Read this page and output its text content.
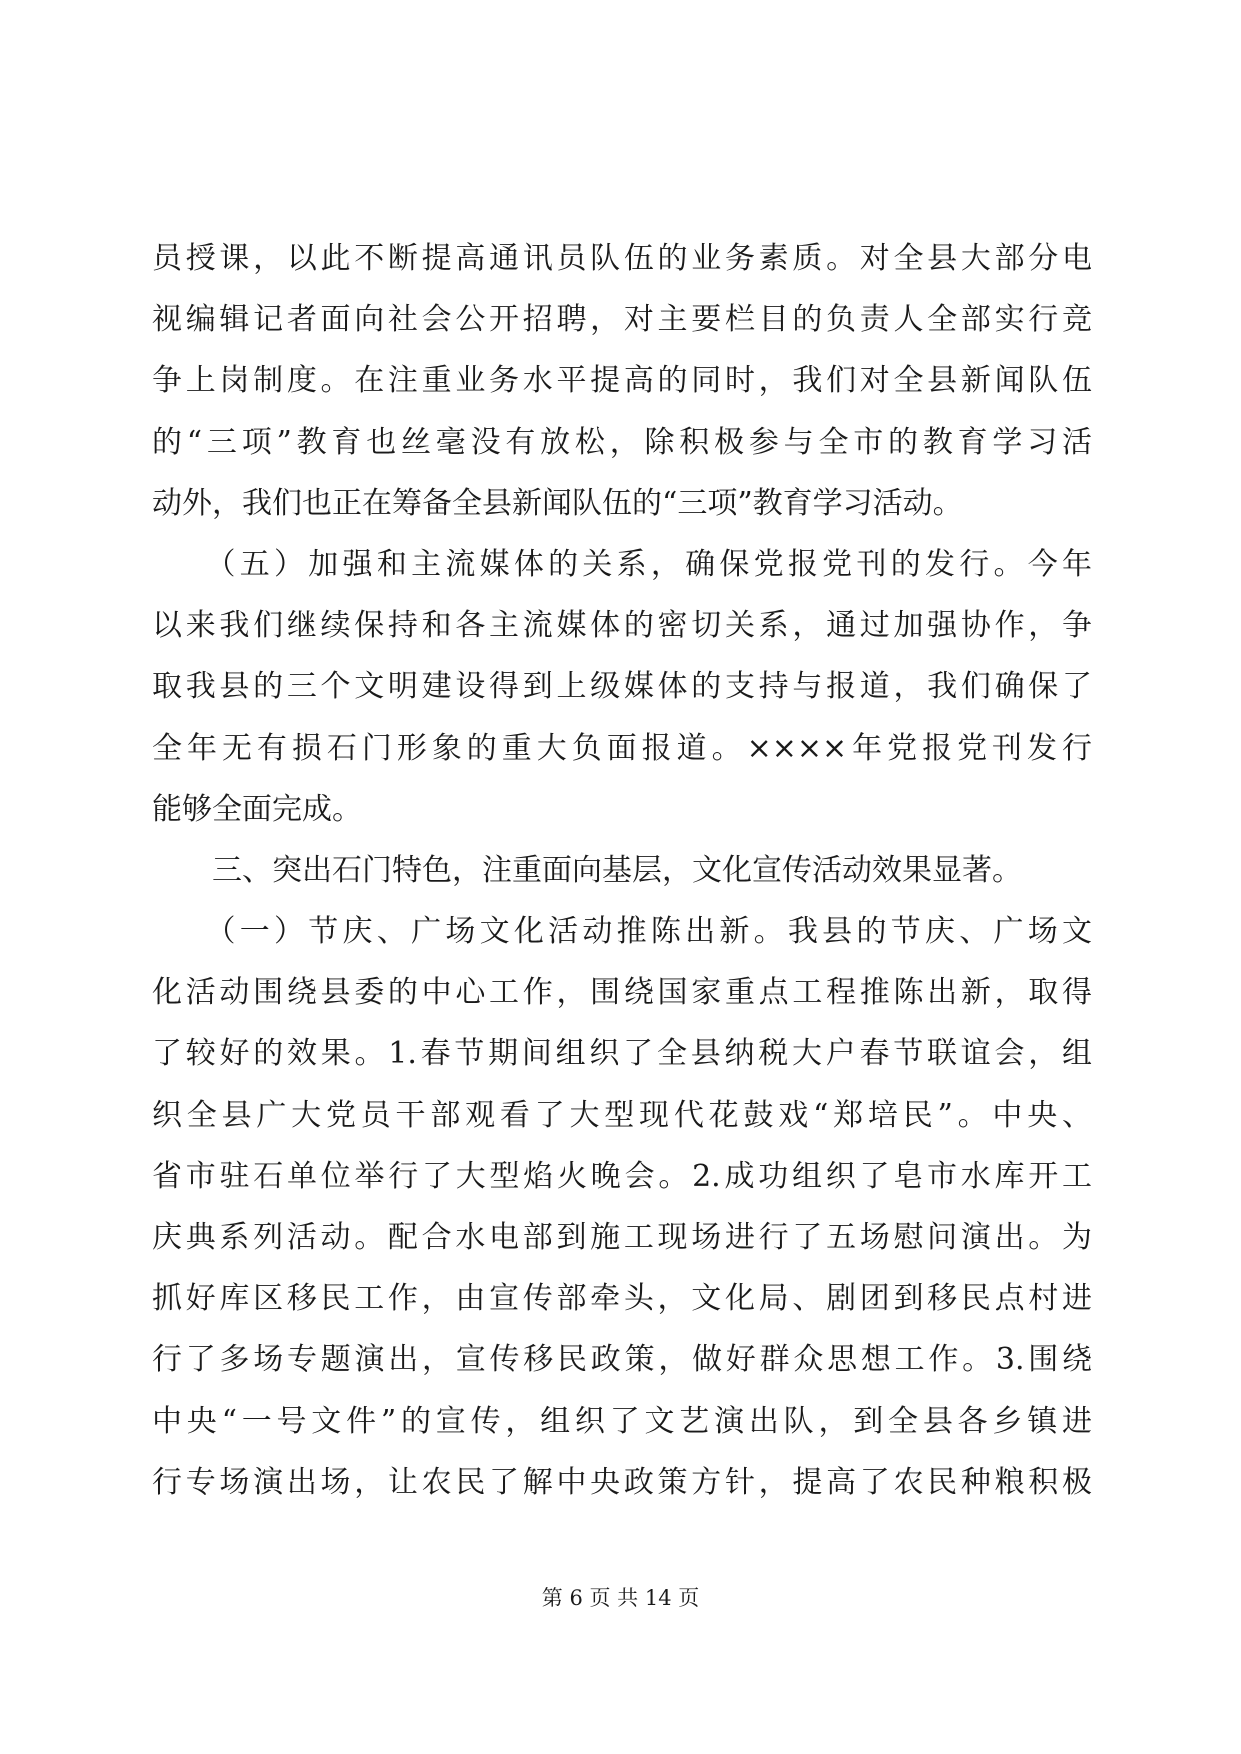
员授课，以此不断提高通讯员队伍的业务素质。对全县大部分电
视编辑记者面向社会公开招聘，对主要栏目的负责人全部实行竞
争上岗制度。在注重业务水平提高的同时，我们对全县新闻队伍
的“三项”教育也丝毫没有放松，除积极参与全市的教育学习活
动外，我们也正在筹备全县新闻队伍的“三项”教育学习活动。
　　（五）加强和主流媒体的关系，确保党报党刊的发行。今年
以来我们继续保持和各主流媒体的密切关系，通过加强协作，争
取我县的三个文明建设得到上级媒体的支持与报道，我们确保了
全年无有损石门形象的重大负面报道。××××年党报党刊发行
能够全面完成。
　　三、突出石门特色，注重面向基层，文化宣传活动效果显著。
　　（一）节庆、广场文化活动推陈出新。我县的节庆、广场文
化活动围绕县委的中心工作，围绕国家重点工程推陈出新，取得
了较好的效果。1.春节期间组织了全县纳税大户春节联谊会，组
织全县广大党员干部观看了大型现代花鼓戏“郑培民”。中央、
省市驻石单位举行了大型焰火晚会。2.成功组织了皂市水库开工
庆典系列活动。配合水电部到施工现场进行了五场慰问演出。为
抓好库区移民工作，由宣传部牵头，文化局、剧团到移民点村进
行了多场专题演出，宣传移民政策，做好群众思想工作。3.围绕
中央“一号文件”的宣传，组织了文艺演出队，到全县各乡镇进
行专场演出场，让农民了解中央政策方针，提高了农民种粮积极
第 6 页 共 14 页
